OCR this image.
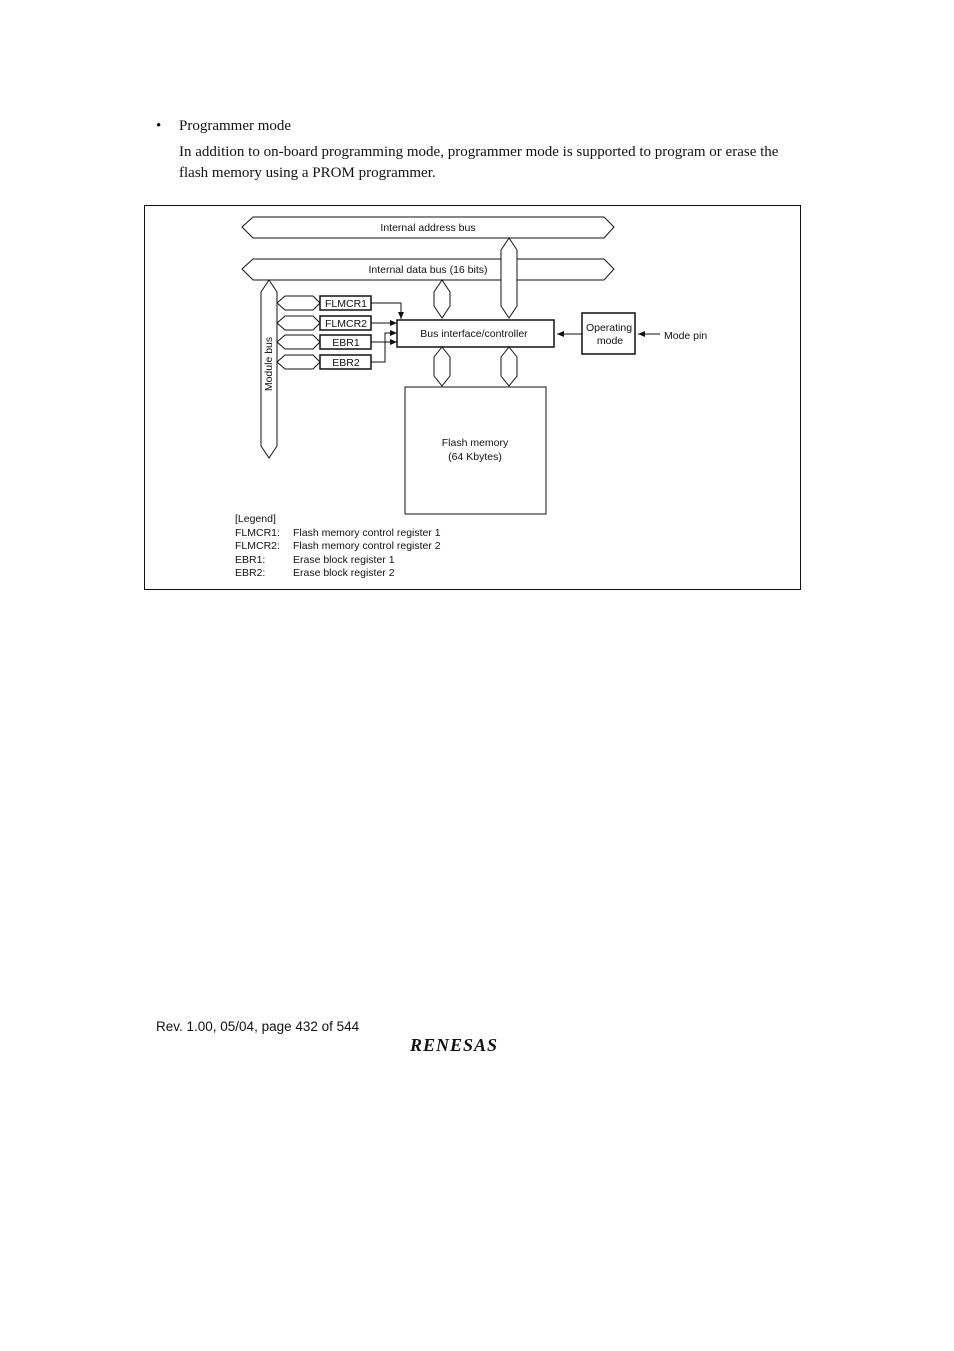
• Programmer mode
In addition to on-board programming mode, programmer mode is supported to program or erase the flash memory using a PROM programmer.
Internal address bus
Internal data bus (16 bits)
Module bus
FLMCR1
FLMCR2
EBR1
EBR2
Bus interface/controller	Operating
mode	Mode pin
Flash memory
(64 Kbytes)
[Legend]
FLMCR1:	Flash memory control register 1
FLMCR2:	Flash memory control register 2
EBR1:	Erase block register 1
EBR2:	Erase block register 2
Rev. 1.00, 05/04, page 432 of 544
RENESAS
